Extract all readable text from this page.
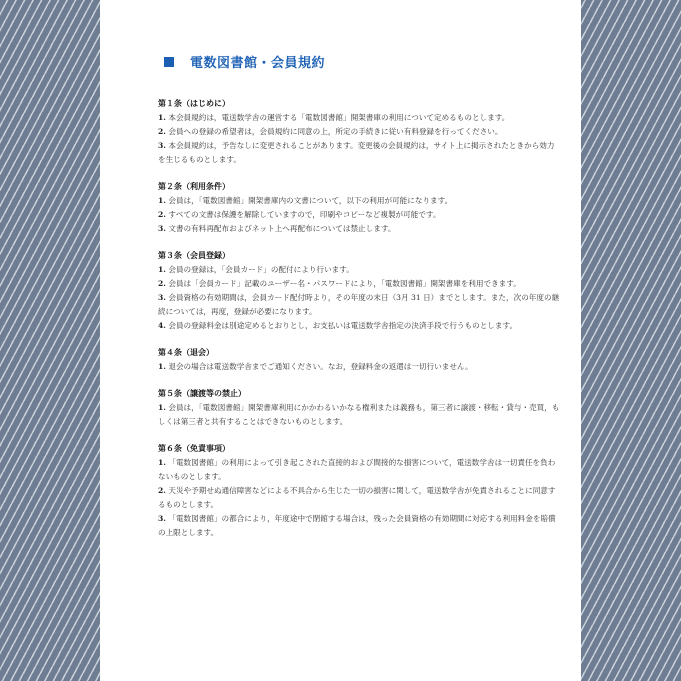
電数図書館・会員規約
第１条（はじめに）

1. 本会員規約は，電送数学舎の運営する「電数図書館」開架書庫の利用について定めるものとします。

2. 会員への登録の希望者は，会員規約に同意の上，所定の手続きに従い有料登録を行ってください。

3. 本会員規約は，予告なしに変更されることがあります。変更後の会員規約は，サイト上に掲示されたときから効力を生じるものとします。

第２条（利用条件）

1. 会員は，「電数図書館」開架書庫内の文書について，以下の利用が可能になります。

2. すべての文書は保護を解除していますので，印刷やコピーなど複製が可能です。

3. 文書の有料再配布およびネット上へ再配布については禁止します。

第３条（会員登録）

1. 会員の登録は，「会員カード」の配付により行います。

2. 会員は「会員カード」記載のユーザー名・パスワードにより，「電数図書館」開架書庫を利用できます。

3. 会員資格の有効期間は，会員カード配付時より，その年度の末日（3月 31 日）までとします。また，次の年度の継続については，再度，登録が必要になります。

4. 会員の登録料金は別途定めるとおりとし，お支払いは電送数学舎指定の決済手段で行うものとします。

第４条（退会）

1. 退会の場合は電送数学舎までご通知ください。なお，登録料金の返還は一切行いません。

第５条（譲渡等の禁止）

1. 会員は，「電数図書館」開架書庫利用にかかわるいかなる権利または義務も，第三者に譲渡・移転・貸与・売買，もしくは第三者と共有することはできないものとします。

第６条（免責事項）

1. 「電数図書館」の利用によって引き起こされた直接的および間接的な損害について，電送数学舎は一切責任を負わないものとします。

2. 天災や予期せぬ通信障害などによる不具合から生じた一切の損害に関して，電送数学舎が免責されることに同意するものとします。

3. 「電数図書館」の都合により，年度途中で閉館する場合は，残った会員資格の有効期間に対応する利用料金を賠償の上限とします。
